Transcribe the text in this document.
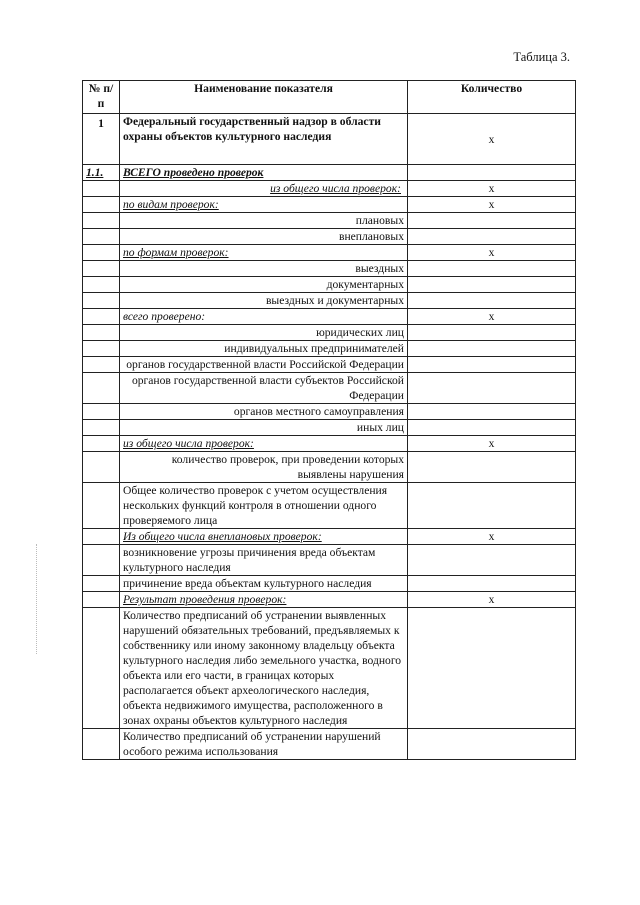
Таблица 3.
№ п/п	Наименование показателя	Количество
1	Федеральный государственный надзор в области охраны объектов культурного наследия	x
1.1.	ВСЕГО проведено проверок	
	из общего числа проверок:	x
	по видам проверок:	x
	плановых	
	внеплановых	
	по формам проверок:	x
	выездных	
	документарных	
	выездных и документарных	
	всего проверено:	x
	юридических лиц	
	индивидуальных предпринимателей	
	органов государственной власти Российской Федерации	
	органов государственной власти субъектов Российской Федерации	
	органов местного самоуправления	
	иных лиц	
	из общего числа проверок:	x
	количество проверок, при проведении которых выявлены нарушения	
	Общее количество проверок с учетом осуществления нескольких функций контроля в отношении одного проверяемого лица	
	Из общего числа внеплановых проверок:	x
	возникновение угрозы причинения вреда объектам культурного наследия	
	причинение вреда объектам культурного наследия	
	Результат проведения проверок:	x
	Количество предписаний об устранении выявленных нарушений обязательных требований, предъявляемых к собственнику или иному законному владельцу объекта культурного наследия либо земельного участка, водного объекта или его части, в границах которых располагается объект археологического наследия, объекта недвижимого имущества, расположенного в зонах охраны объектов культурного наследия	
	Количество предписаний об устранении нарушений особого режима использования	
